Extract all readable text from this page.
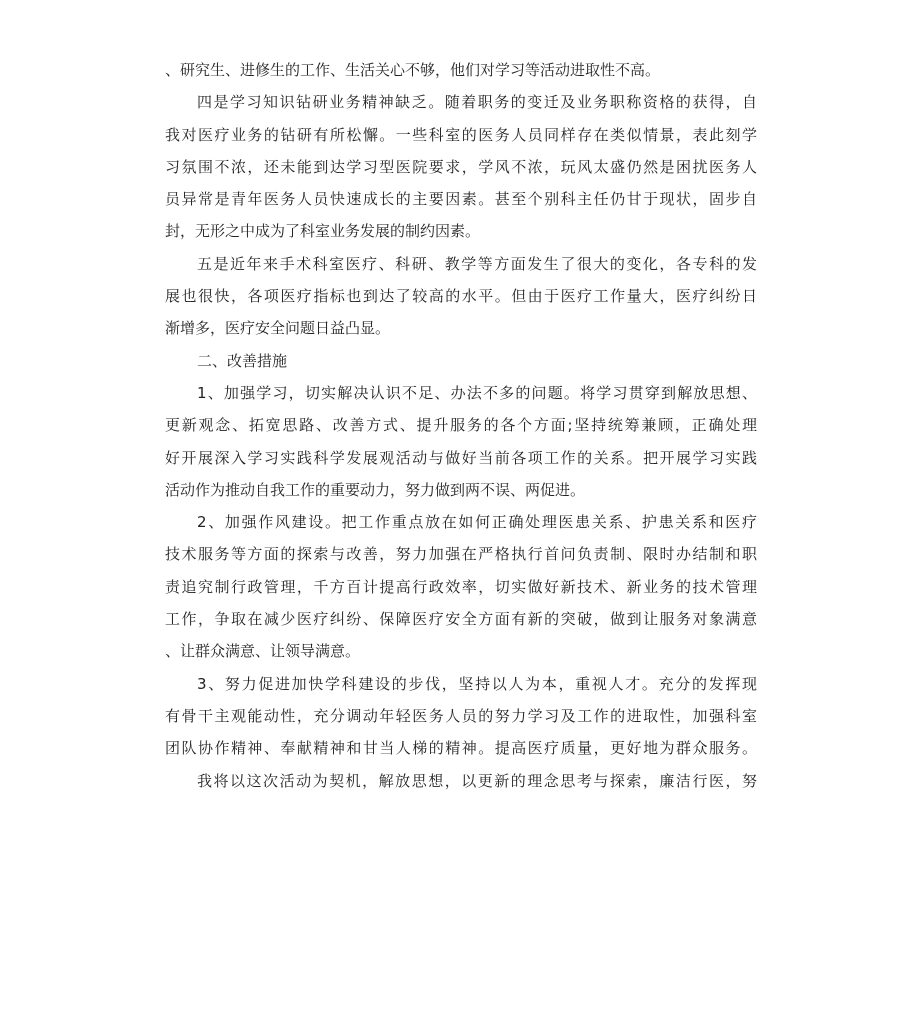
、研究生、进修生的工作、生活关心不够，他们对学习等活动进取性不高。
四是学习知识钻研业务精神缺乏。随着职务的变迁及业务职称资格的获得，自
我对医疗业务的钻研有所松懈。一些科室的医务人员同样存在类似情景，表此刻学
习氛围不浓，还未能到达学习型医院要求，学风不浓，玩风太盛仍然是困扰医务人
员异常是青年医务人员快速成长的主要因素。甚至个别科主任仍甘于现状，固步自
封，无形之中成为了科室业务发展的制约因素。
五是近年来手术科室医疗、科研、教学等方面发生了很大的变化，各专科的发
展也很快，各项医疗指标也到达了较高的水平。但由于医疗工作量大，医疗纠纷日
渐增多，医疗安全问题日益凸显。
二、改善措施
1、加强学习，切实解决认识不足、办法不多的问题。将学习贯穿到解放思想、
更新观念、拓宽思路、改善方式、提升服务的各个方面;坚持统筹兼顾，正确处理
好开展深入学习实践科学发展观活动与做好当前各项工作的关系。把开展学习实践
活动作为推动自我工作的重要动力，努力做到两不误、两促进。
2、加强作风建设。把工作重点放在如何正确处理医患关系、护患关系和医疗
技术服务等方面的探索与改善，努力加强在严格执行首问负责制、限时办结制和职
责追究制行政管理，千方百计提高行政效率，切实做好新技术、新业务的技术管理
工作，争取在减少医疗纠纷、保障医疗安全方面有新的突破，做到让服务对象满意
、让群众满意、让领导满意。
3、努力促进加快学科建设的步伐，坚持以人为本，重视人才。充分的发挥现
有骨干主观能动性，充分调动年轻医务人员的努力学习及工作的进取性，加强科室
团队协作精神、奉献精神和甘当人梯的精神。提高医疗质量，更好地为群众服务。
我将以这次活动为契机，解放思想，以更新的理念思考与探索，廉洁行医，努
